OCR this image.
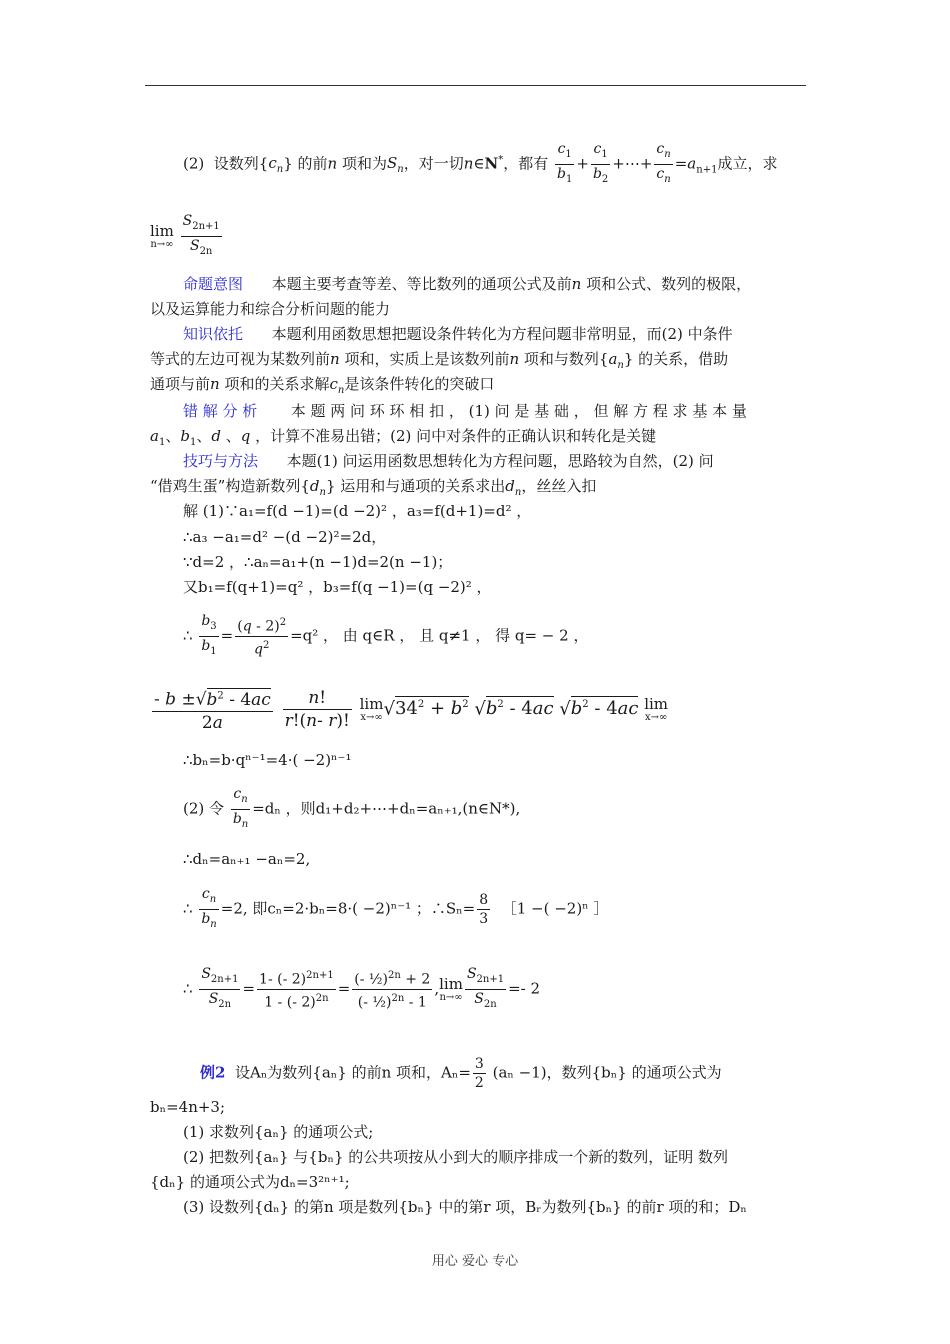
(2) 设数列$\{c_n\}$ 的前n 项和为$S_n$，对一切n∈N*，都有 $\frac{c_1}{b_1} + \frac{c_1}{b_2}$ +⋯+ $\frac{c_n}{c_n} =a_{n+1}$成立，求
lim
n→∞
$\frac{S_{2n+1}}{S_{2n}}$
命题意图 本题主要考查等差、等比数列的通项公式及前n 项和公式、数列的极限，
以及运算能力和综合分析问题的能力
知识依托 本题利用函数思想把题设条件转化为方程问题非常明显，而(2) 中条件
等式的左边可视为某数列前n 项和，实质上是该数列前n 项和与数列$\{a_n\}$ 的关系，借助
通项与前n 项和的关系求解$c_n$是该条件转化的突破口
错 解 分 析 本 题 两 问 环 环 相 扣 ， (1) 问 是 基 础 ， 但 解 方 程 求 基 本 量
$a_1$、$b_1$、d 、q ，计算不准易出错；(2) 问中对条件的正确认识和转化是关键
技巧与方法 本题(1) 问运用函数思想转化为方程问题，思路较为自然，(2) 问
“借鸡生蛋”构造新数列$\{d_n\}$ 运用和与通项的关系求出$d_n$，丝丝入扣
解 (1)∵a₁=f(d −1)=(d −2)² ，a₃=f(d+1)=d² ，
∴a₃ −a₁=d² −(d −2)²=2d，
∵d=2 ，∴aₙ=a₁+(n −1)d=2(n −1)；
又b₁=f(q+1)=q² ，b₃=f(q −1)=(q −2)² ，
∴ $\frac{b_3}{b_1} = \frac{(q - 2)^2}{q^2} =q^2$ ， 由 q∈R ， 且 q≠1 ， 得 q= − 2 ，
$\frac{- b \pm√b^2 - 4ac}{2a}$
$\frac{n!}{r!(n- r)!}$ lim
x→∞ $√34^2 + b^2$ $√b^2 - 4ac$ $√b^2 - 4ac$ lim
x→∞
∴bₙ=b·qⁿ⁻¹=4·( −2)ⁿ⁻¹
(2) 令 $\frac{c_n}{b_n} =d_n$ ，则d₁+d₂+⋯+dₙ=aₙ₊₁,(n∈N*),
∴dₙ=aₙ₊₁ −aₙ=2,
∴ $\frac{c_n}{b_n} =2$, 即cₙ=2·bₙ=8·( −2)ⁿ⁻¹ ；∴Sₙ= $\frac{8}{3}$ ［1 −( −2)ⁿ ］
∴ $\frac{S_{2n+1}}{S_{2n}} = \frac{1- (- 2)^{2n+1}}{1 - (- 2)^{2n}} = \frac{(- \frac{1}{2})^{2n} + 2}{(- \frac{1}{2})^{2n} - 1} ,\lim$
$n\to\infty \frac{S_{2n+1}}{S_{2n}} =- 2$
例2 设Aₙ为数列{aₙ} 的前n 项和，$A_n= \frac{3}{2} (a_n -1)$，数列{bₙ} 的通项公式为
bₙ=4n+3;
(1) 求数列{aₙ} 的通项公式;
(2) 把数列{aₙ} 与{bₙ} 的公共项按从小到大的顺序排成一个新的数列，证明 数列
{dₙ} 的通项公式为dₙ=3²ⁿ⁺¹;
(3) 设数列{dₙ} 的第n 项是数列{bₙ} 中的第r 项，Bᵣ为数列{bₙ} 的前r 项的和；Dₙ
用心 爱心 专心
